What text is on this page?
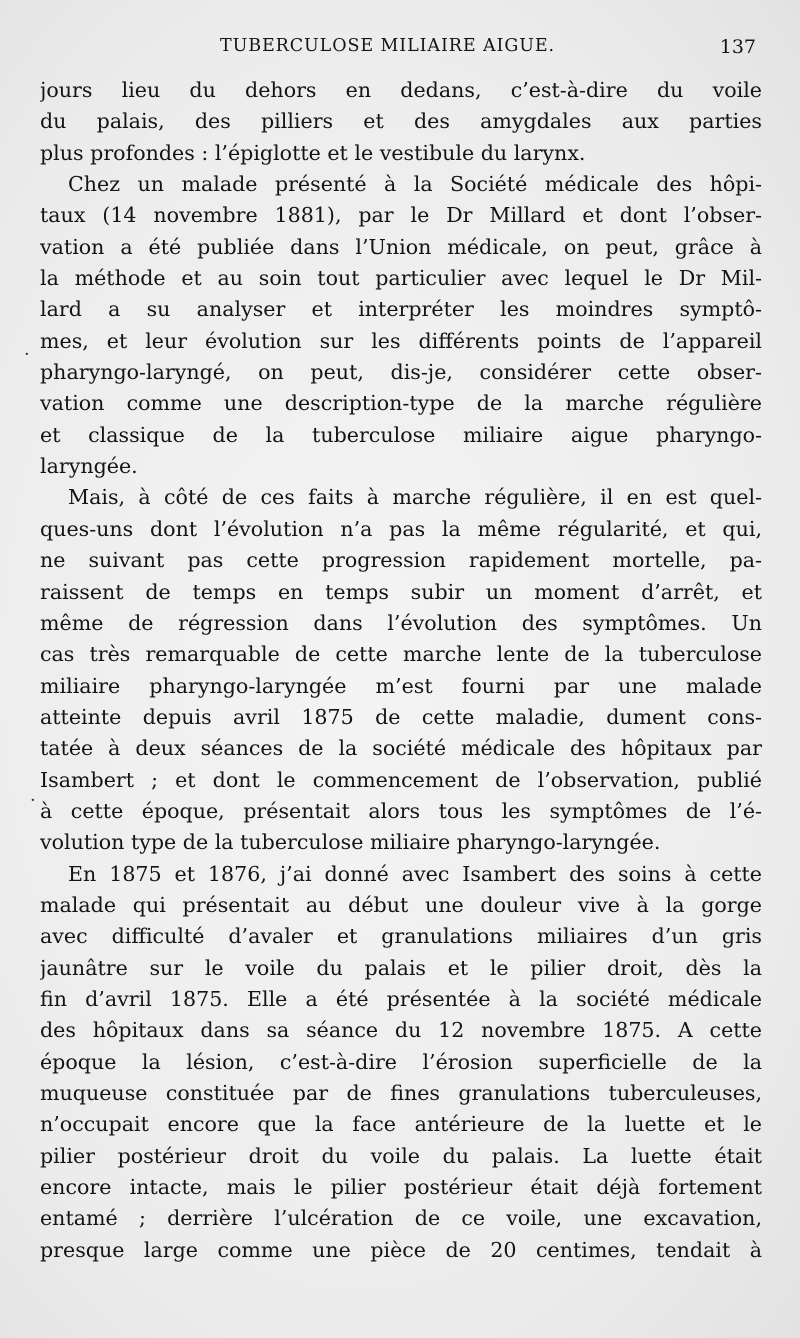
TUBERCULOSE MILIAIRE AIGUE.	137
·
·
jours lieu du dehors en dedans, c’est-à-dire du voile
du palais, des pilliers et des amygdales aux parties
plus profondes : l’épiglotte et le vestibule du larynx.
Chez un malade présenté à la Société médicale des hôpi-
taux (14 novembre 1881), par le Dr Millard et dont l’obser-
vation a été publiée dans l’Union médicale, on peut, grâce à
la méthode et au soin tout particulier avec lequel le Dr Mil-
lard a su analyser et interpréter les moindres symptô-
mes, et leur évolution sur les différents points de l’appareil
pharyngo-laryngé, on peut, dis-je, considérer cette obser-
vation comme une description-type de la marche régulière
et classique de la tuberculose miliaire aigue pharyngo-
laryngée.
Mais, à côté de ces faits à marche régulière, il en est quel-
ques-uns dont l’évolution n’a pas la même régularité, et qui,
ne suivant pas cette progression rapidement mortelle, pa-
raissent de temps en temps subir un moment d’arrêt, et
même de régression dans l’évolution des symptômes. Un
cas très remarquable de cette marche lente de la tuberculose
miliaire pharyngo-laryngée m’est fourni par une malade
atteinte depuis avril 1875 de cette maladie, dument cons-
tatée à deux séances de la société médicale des hôpitaux par
Isambert ; et dont le commencement de l’observation, publié
à cette époque, présentait alors tous les symptômes de l’é-
volution type de la tuberculose miliaire pharyngo-laryngée.
En 1875 et 1876, j’ai donné avec Isambert des soins à cette
malade qui présentait au début une douleur vive à la gorge
avec difficulté d’avaler et granulations miliaires d’un gris
jaunâtre sur le voile du palais et le pilier droit, dès la
fin d’avril 1875. Elle a été présentée à la société médicale
des hôpitaux dans sa séance du 12 novembre 1875. A cette
époque la lésion, c’est-à-dire l’érosion superficielle de la
muqueuse constituée par de fines granulations tuberculeuses,
n’occupait encore que la face antérieure de la luette et le
pilier postérieur droit du voile du palais. La luette était
encore intacte, mais le pilier postérieur était déjà fortement
entamé ; derrière l’ulcération de ce voile, une excavation,
presque large comme une pièce de 20 centimes, tendait à
